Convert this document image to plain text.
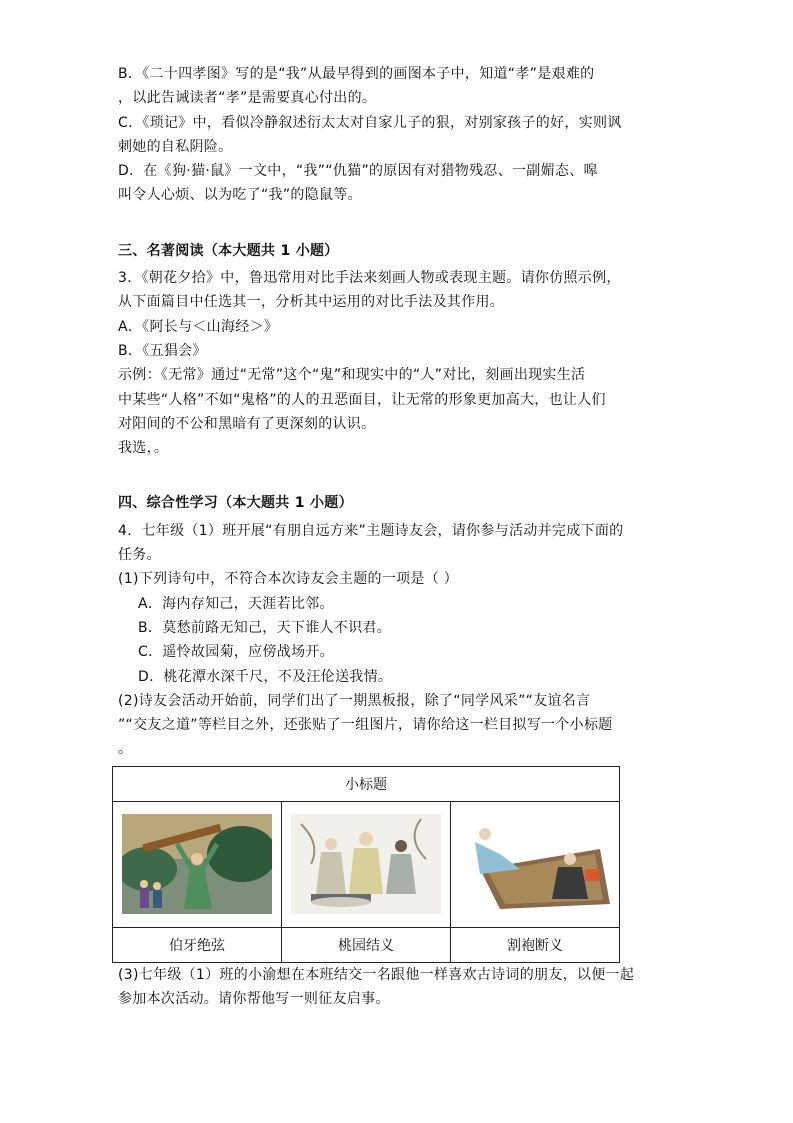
B．《二十四孝图》写的是“我”从最早得到的画图本子中，知道“孝”是艰难的

，以此告诫读者“孝”是需要真心付出的。

C．《琐记》中，看似冷静叙述衍太太对自家儿子的狠，对别家孩子的好，实则讽

刺她的自私阴险。

D．在《狗·猫·鼠》一文中，“我”“仇猫”的原因有对猎物残忍、一副媚态、嗥

叫令人心烦、以为吃了“我”的隐鼠等。

三、名著阅读（本大题共 1 小题）

3．《朝花夕拾》中，鲁迅常用对比手法来刻画人物或表现主题。请你仿照示例，

从下面篇目中任选其一，分析其中运用的对比手法及其作用。

A．《阿长与＜山海经＞》

B．《五猖会》

示例：《无常》通过“无常”这个“鬼”和现实中的“人”对比，刻画出现实生活

中某些“人格”不如“鬼格”的人的丑恶面目，让无常的形象更加高大，也让人们

对阳间的不公和黑暗有了更深刻的认识。

我选，。

四、综合性学习（本大题共 1 小题）

4．七年级（1）班开展“有朋自远方来”主题诗友会，请你参与活动并完成下面的

任务。

(1)下列诗句中，不符合本次诗友会主题的一项是（ ）

A．海内存知己，天涯若比邻。

B．莫愁前路无知己，天下谁人不识君。

C．遥怜故园菊，应傍战场开。

D．桃花潭水深千尺，不及汪伦送我情。

(2)诗友会活动开始前，同学们出了一期黑板报，除了“同学风采”“友谊名言

”“交友之道”等栏目之外，还张贴了一组图片，请你给这一栏目拟写一个小标题

。

小标题		

伯牙绝弦	桃园结义	割袍断义

(3)七年级（1）班的小渝想在本班结交一名跟他一样喜欢古诗词的朋友，以便一起

参加本次活动。请你帮他写一则征友启事。
